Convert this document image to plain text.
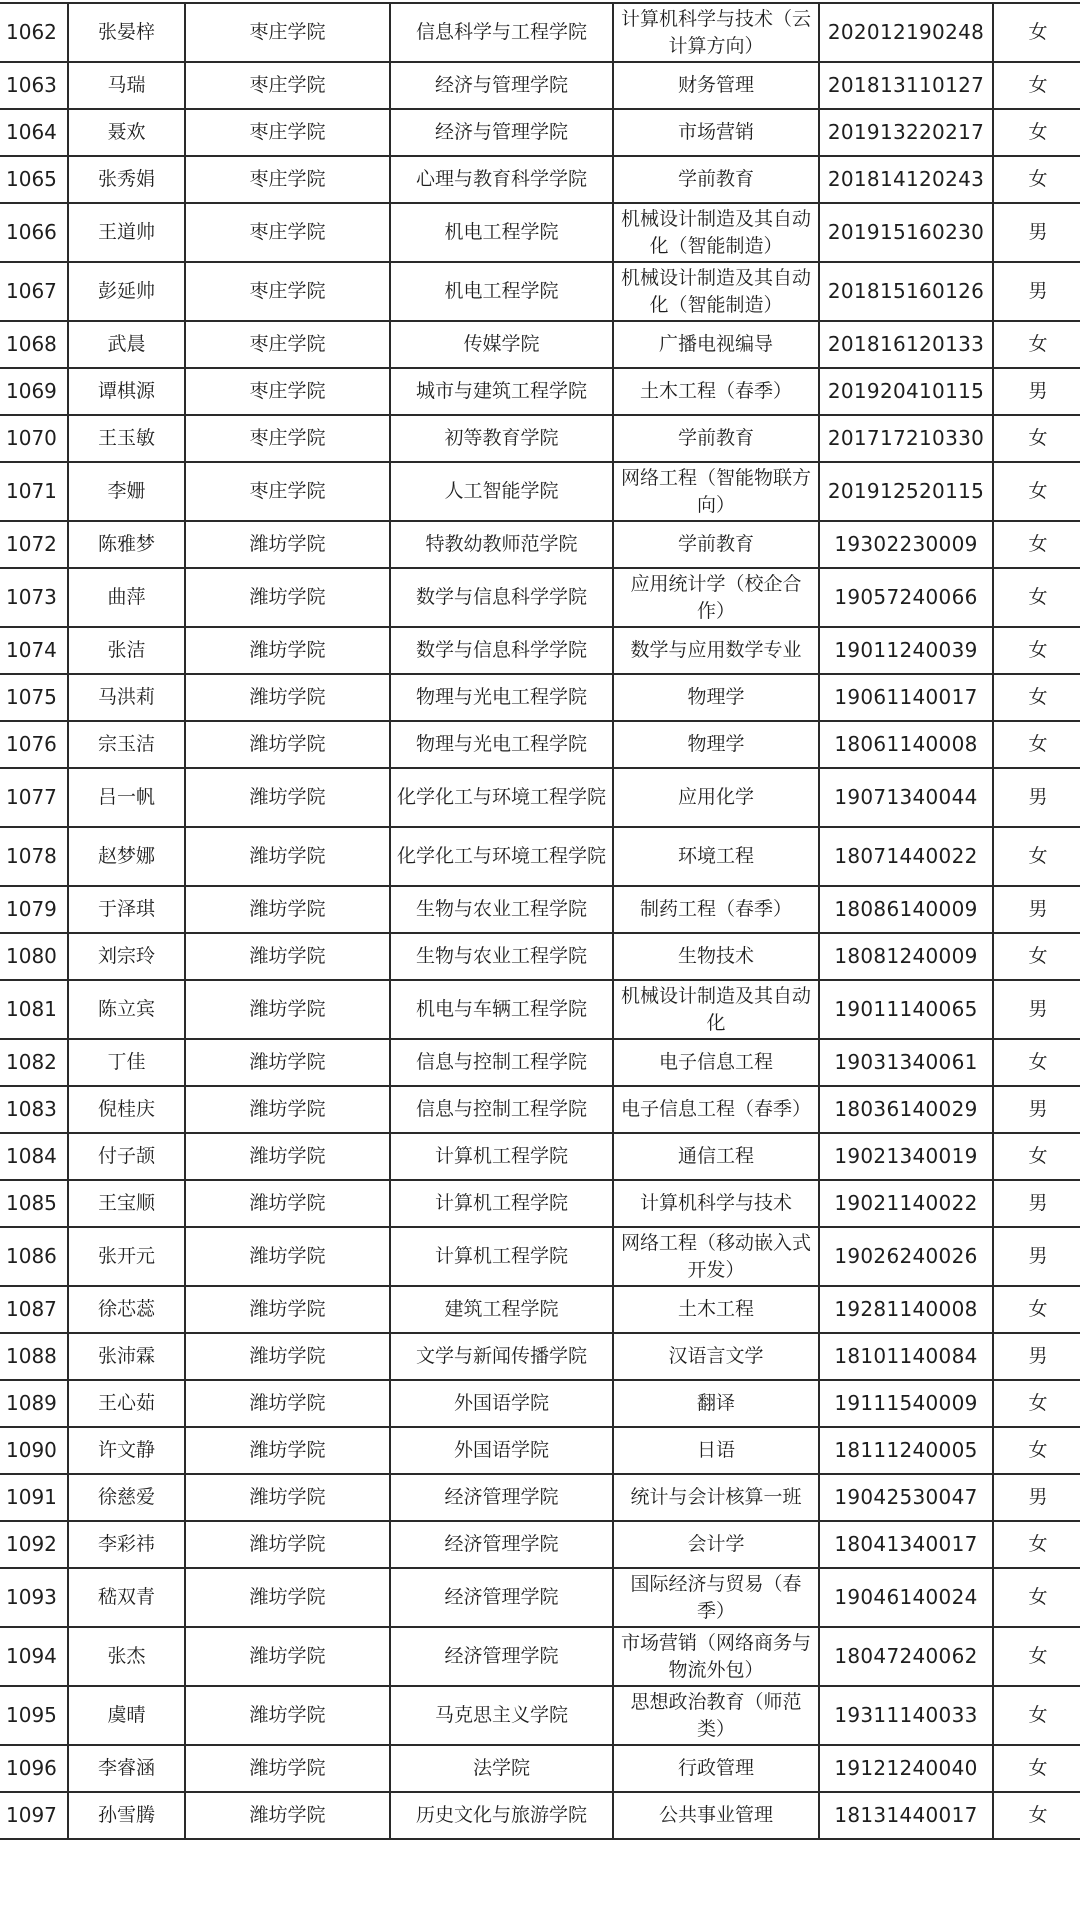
1062	张晏梓	枣庄学院	信息科学与工程学院	计算机科学与技术（云计算方向）	202012190248	女	
1063	马瑞	枣庄学院	经济与管理学院	财务管理	201813110127	女	
1064	聂欢	枣庄学院	经济与管理学院	市场营销	201913220217	女	
1065	张秀娟	枣庄学院	心理与教育科学学院	学前教育	201814120243	女	
1066	王道帅	枣庄学院	机电工程学院	机械设计制造及其自动化（智能制造）	201915160230	男	
1067	彭延帅	枣庄学院	机电工程学院	机械设计制造及其自动化（智能制造）	201815160126	男	
1068	武晨	枣庄学院	传媒学院	广播电视编导	201816120133	女	
1069	谭棋源	枣庄学院	城市与建筑工程学院	土木工程（春季）	201920410115	男	
1070	王玉敏	枣庄学院	初等教育学院	学前教育	201717210330	女	
1071	李姗	枣庄学院	人工智能学院	网络工程（智能物联方向）	201912520115	女	
1072	陈雅梦	潍坊学院	特教幼教师范学院	学前教育	19302230009	女	
1073	曲萍	潍坊学院	数学与信息科学学院	应用统计学（校企合作）	19057240066	女	
1074	张洁	潍坊学院	数学与信息科学学院	数学与应用数学专业	19011240039	女	
1075	马洪莉	潍坊学院	物理与光电工程学院	物理学	19061140017	女	
1076	宗玉洁	潍坊学院	物理与光电工程学院	物理学	18061140008	女	
1077	吕一帆	潍坊学院	化学化工与环境工程学院	应用化学	19071340044	男	
1078	赵梦娜	潍坊学院	化学化工与环境工程学院	环境工程	18071440022	女	
1079	于泽琪	潍坊学院	生物与农业工程学院	制药工程（春季）	18086140009	男	
1080	刘宗玲	潍坊学院	生物与农业工程学院	生物技术	18081240009	女	
1081	陈立宾	潍坊学院	机电与车辆工程学院	机械设计制造及其自动化	19011140065	男	
1082	丁佳	潍坊学院	信息与控制工程学院	电子信息工程	19031340061	女	
1083	倪桂庆	潍坊学院	信息与控制工程学院	电子信息工程（春季）	18036140029	男	
1084	付子颉	潍坊学院	计算机工程学院	通信工程	19021340019	女	
1085	王宝顺	潍坊学院	计算机工程学院	计算机科学与技术	19021140022	男	
1086	张开元	潍坊学院	计算机工程学院	网络工程（移动嵌入式开发）	19026240026	男	
1087	徐芯蕊	潍坊学院	建筑工程学院	土木工程	19281140008	女	
1088	张沛霖	潍坊学院	文学与新闻传播学院	汉语言文学	18101140084	男	
1089	王心茹	潍坊学院	外国语学院	翻译	19111540009	女	
1090	许文静	潍坊学院	外国语学院	日语	18111240005	女	
1091	徐慈爱	潍坊学院	经济管理学院	统计与会计核算一班	19042530047	男	
1092	李彩祎	潍坊学院	经济管理学院	会计学	18041340017	女	
1093	嵇双青	潍坊学院	经济管理学院	国际经济与贸易（春季）	19046140024	女	
1094	张杰	潍坊学院	经济管理学院	市场营销（网络商务与物流外包）	18047240062	女	
1095	虞晴	潍坊学院	马克思主义学院	思想政治教育（师范类）	19311140033	女	
1096	李睿涵	潍坊学院	法学院	行政管理	19121240040	女	
1097	孙雪腾	潍坊学院	历史文化与旅游学院	公共事业管理	18131440017	女	
